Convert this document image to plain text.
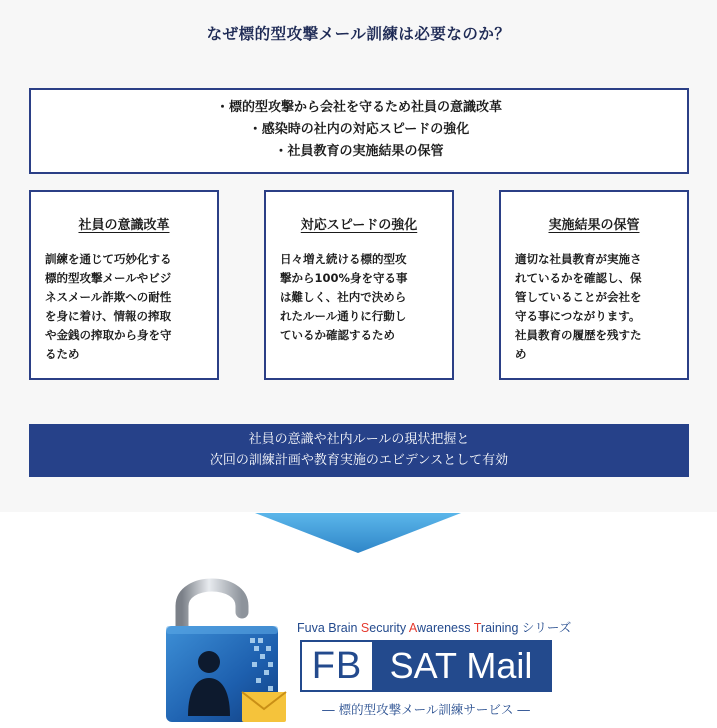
なぜ標的型攻撃メール訓練は必要なのか？
・標的型攻撃から会社を守るため社員の意識改革
・感染時の社内の対応スピードの強化
・社員教育の実施結果の保管
社員の意識改革
訓練を通じて巧妙化する
標的型攻撃メールやビジ
ネスメール詐欺への耐性
を身に着け、情報の搾取
や金銭の搾取から身を守
るため
対応スピードの強化
日々増え続ける標的型攻
撃から100%身を守る事
は難しく、社内で決めら
れたルール通りに行動し
ているか確認するため
実施結果の保管
適切な社員教育が実施さ
れているかを確認し、保
管していることが会社を
守る事につながります。
社員教育の履歴を残すた
め
社員の意識や社内ルールの現状把握と
次回の訓練計画や教育実施のエビデンスとして有効
Fuva Brain Security Awareness Training シリーズ
FB SAT Mail
― 標的型攻撃メール訓練サービス ―
